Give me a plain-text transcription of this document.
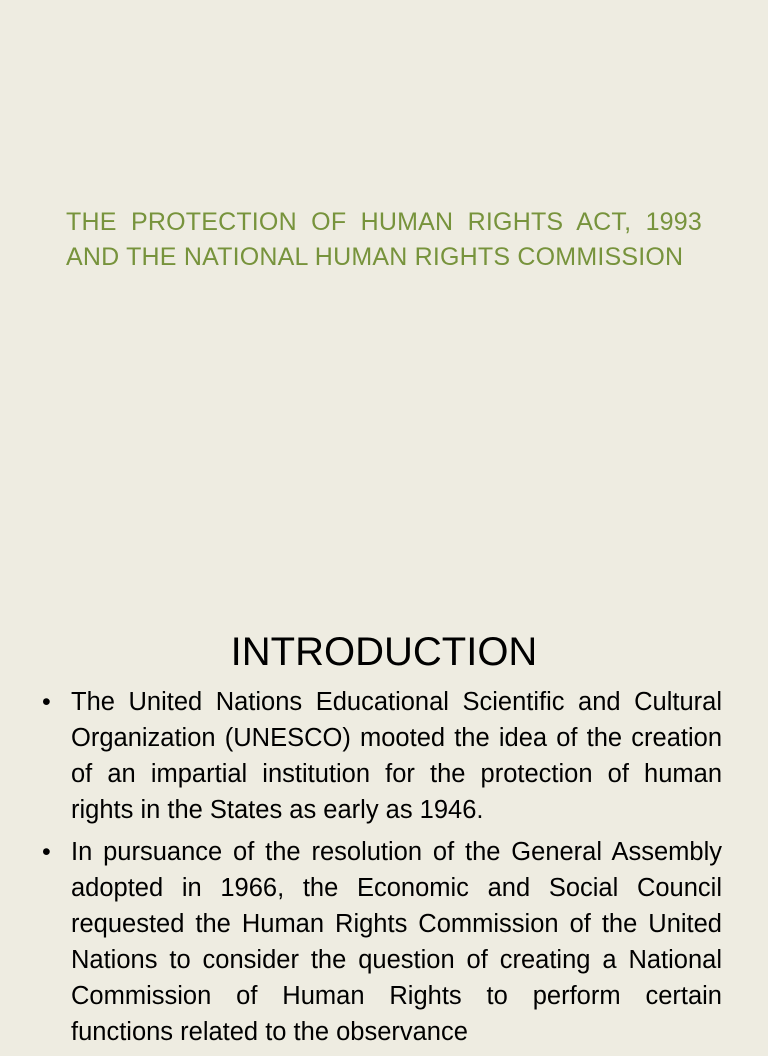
THE PROTECTION OF HUMAN RIGHTS ACT, 1993
AND THE NATIONAL HUMAN RIGHTS COMMISSION
INTRODUCTION
• The United Nations Educational Scientific and Cultural Organization (UNESCO) mooted the idea of the creation of an impartial institution for the protection of human rights in the States as early as 1946.
• In pursuance of the resolution of the General Assembly adopted in 1966, the Economic and Social Council requested the Human Rights Commission of the United Nations to consider the question of creating a National Commission of Human Rights to perform certain functions related to the observance
